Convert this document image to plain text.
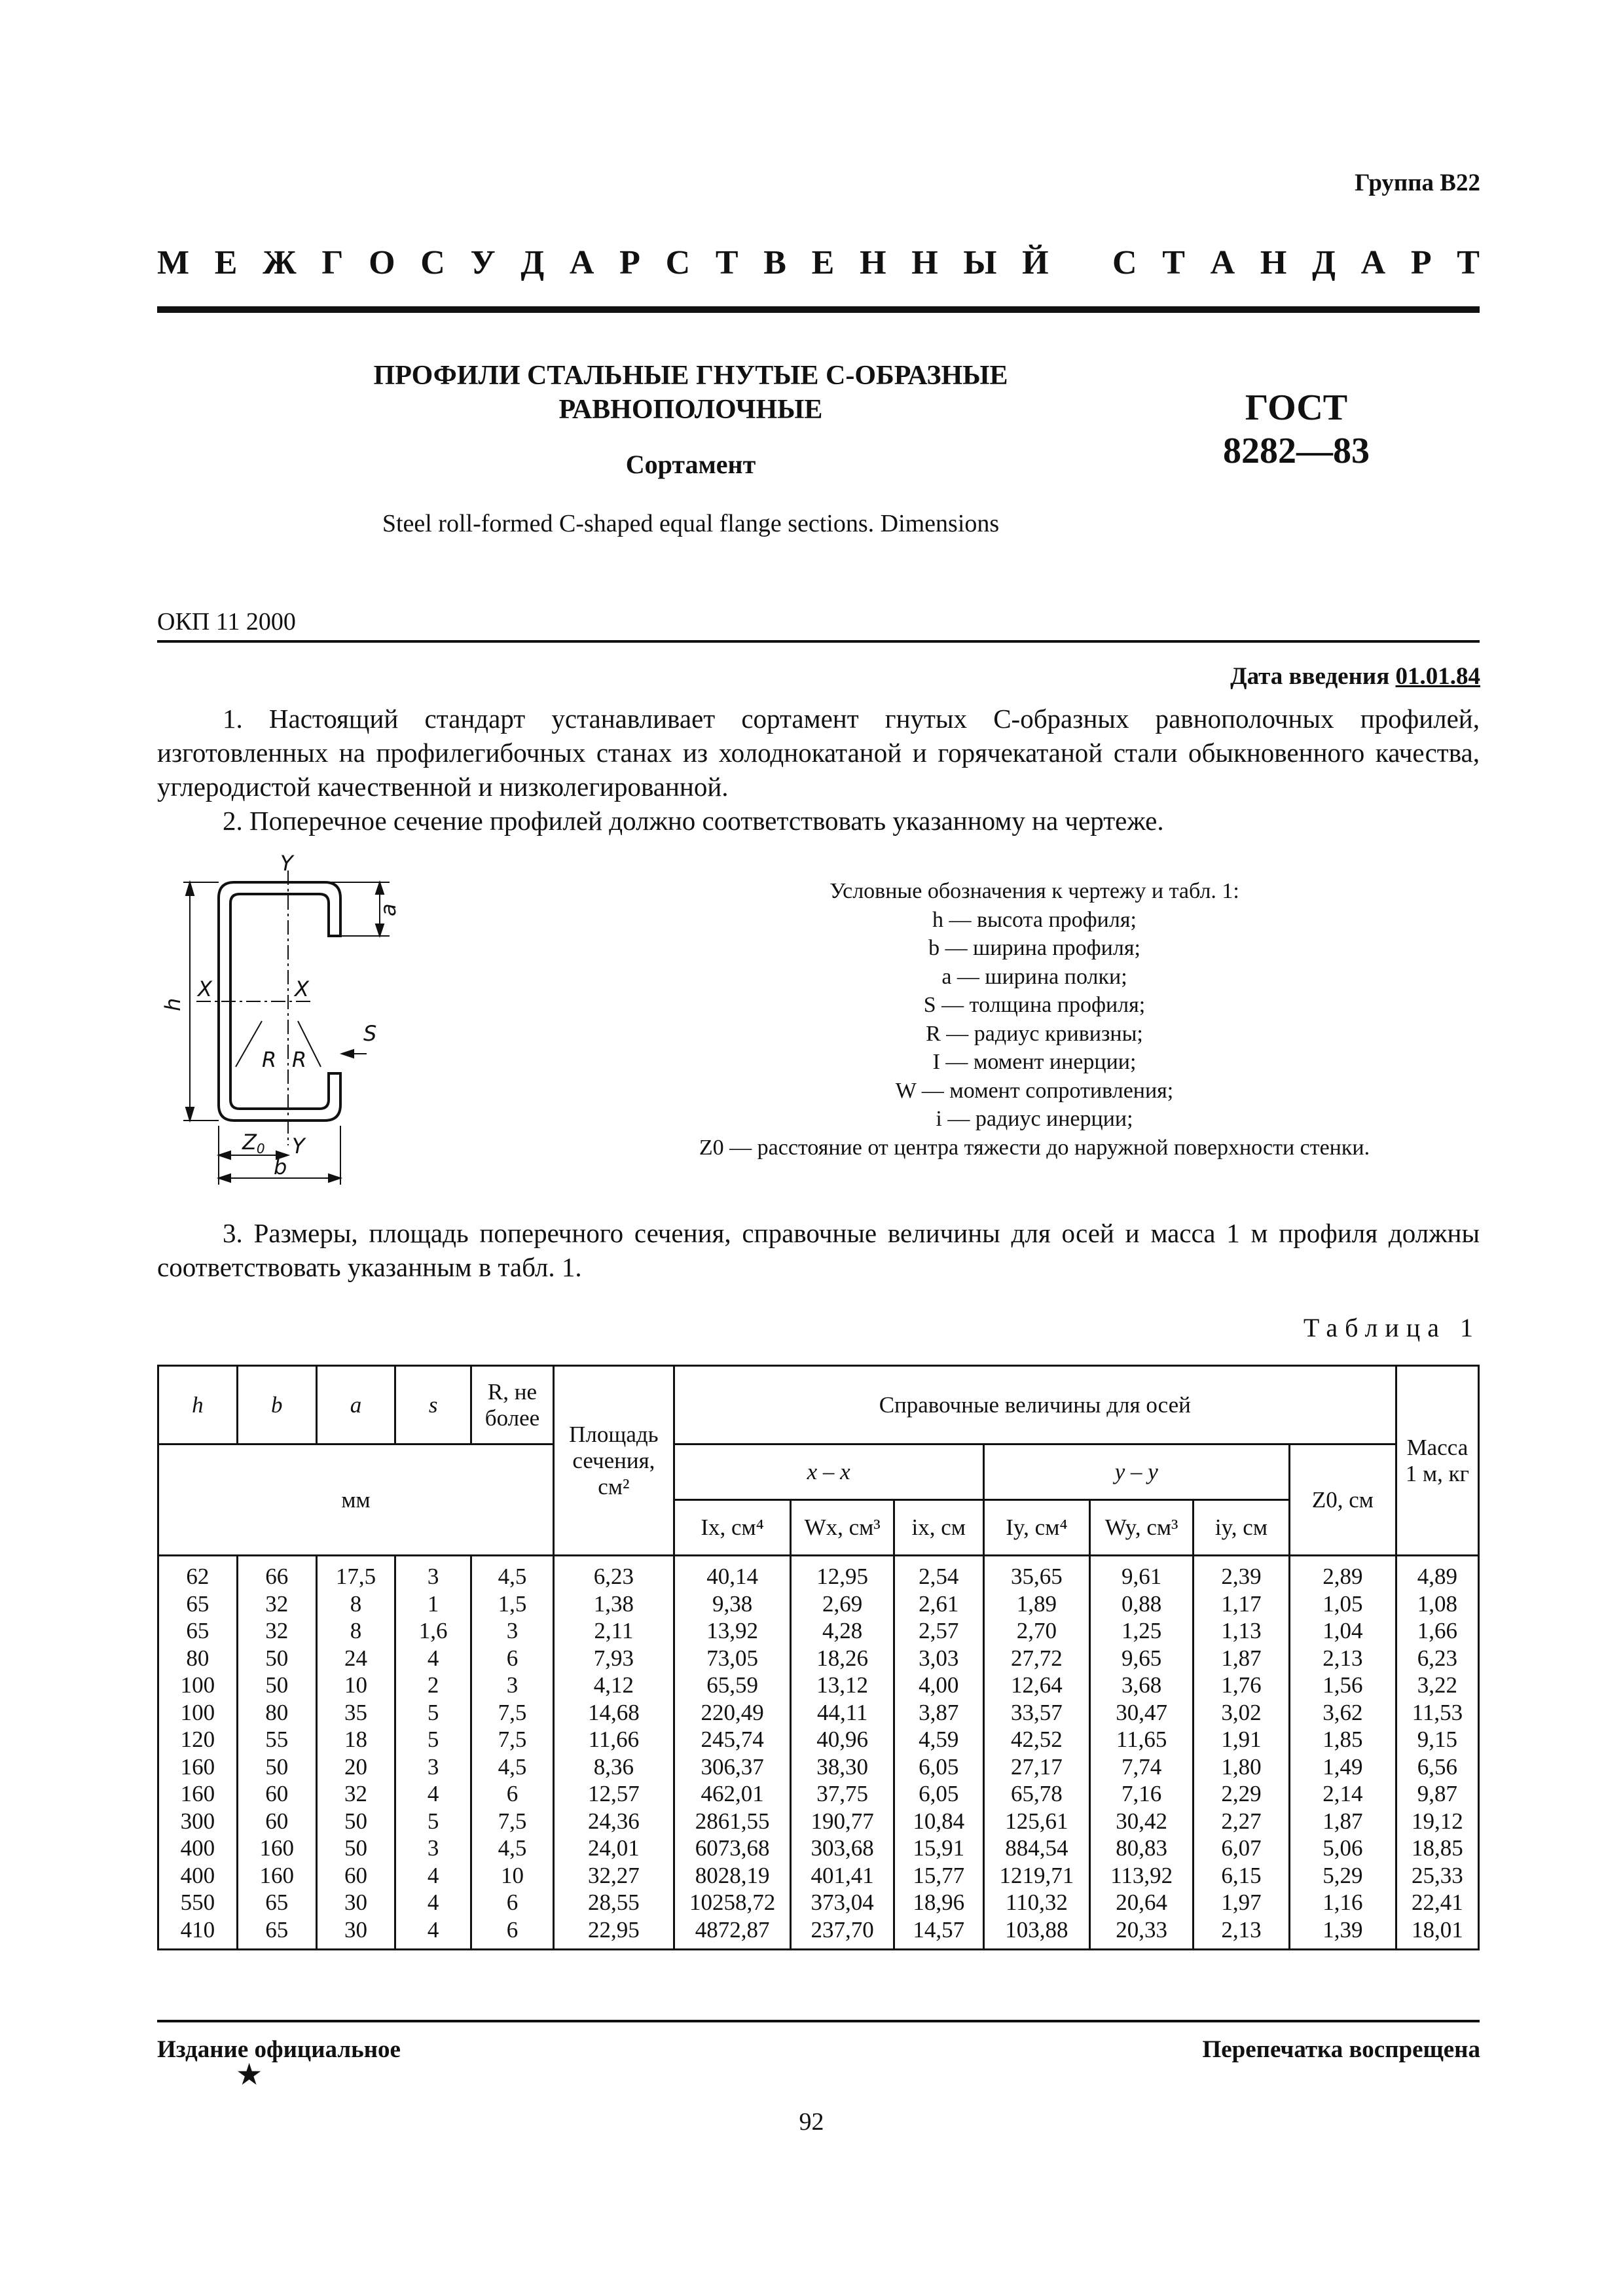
Группа В22
М Е Ж Г О С У Д А Р С Т В Е Н Н Ы Й С Т А Н Д А Р Т
ПРОФИЛИ СТАЛЬНЫЕ ГНУТЫЕ С-ОБРАЗНЫЕ
РАВНОПОЛОЧНЫЕ
Сортамент
ГОСТ
8282—83
Steel roll-formed C-shaped equal flange sections. Dimensions
ОКП 11 2000
Дата введения 01.01.84
1. Настоящий стандарт устанавливает сортамент гнутых С-образных равнополочных профилей, изготовленных на профилегибочных станах из холоднокатаной и горячекатаной стали обыкновенного качества, углеродистой качественной и низколегированной.
2. Поперечное сечение профилей должно соответствовать указанному на чертеже.
Y
Y
X	X
h
a
S
R R
Z0
b
Условные обозначения к чертежу и табл. 1:
h — высота профиля;
b — ширина профиля;
a — ширина полки;
S — толщина профиля;
R — радиус кривизны;
I — момент инерции;
W — момент сопротивления;
i — радиус инерции;
Z0 — расстояние от центра тяжести до наружной поверхности стенки.
3. Размеры, площадь поперечного сечения, справочные величины для осей и масса 1 м профиля должны соответствовать указанным в табл. 1.
Таблица 1
h	b	a	s	R, не более	Площадь сечения, см²	Справочные величины для осей							Масса 1 м, кг
мм						x – x			y – y			Z0, см	
						Ix, см⁴	Wx, см³	ix, см	Iy, см⁴	Wy, см³	iy, см		
62	66	17,5	3	4,5	6,23	40,14	12,95	2,54	35,65	9,61	2,39	2,89	4,89
65	32	8	1	1,5	1,38	9,38	2,69	2,61	1,89	0,88	1,17	1,05	1,08
65	32	8	1,6	3	2,11	13,92	4,28	2,57	2,70	1,25	1,13	1,04	1,66
80	50	24	4	6	7,93	73,05	18,26	3,03	27,72	9,65	1,87	2,13	6,23
100	50	10	2	3	4,12	65,59	13,12	4,00	12,64	3,68	1,76	1,56	3,22
100	80	35	5	7,5	14,68	220,49	44,11	3,87	33,57	30,47	3,02	3,62	11,53
120	55	18	5	7,5	11,66	245,74	40,96	4,59	42,52	11,65	1,91	1,85	9,15
160	50	20	3	4,5	8,36	306,37	38,30	6,05	27,17	7,74	1,80	1,49	6,56
160	60	32	4	6	12,57	462,01	37,75	6,05	65,78	7,16	2,29	2,14	9,87
300	60	50	5	7,5	24,36	2861,55	190,77	10,84	125,61	30,42	2,27	1,87	19,12
400	160	50	3	4,5	24,01	6073,68	303,68	15,91	884,54	80,83	6,07	5,06	18,85
400	160	60	4	10	32,27	8028,19	401,41	15,77	1219,71	113,92	6,15	5,29	25,33
550	65	30	4	6	28,55	10258,72	373,04	18,96	110,32	20,64	1,97	1,16	22,41
410	65	30	4	6	22,95	4872,87	237,70	14,57	103,88	20,33	2,13	1,39	18,01
Издание официальное
★
Перепечатка воспрещена
92
